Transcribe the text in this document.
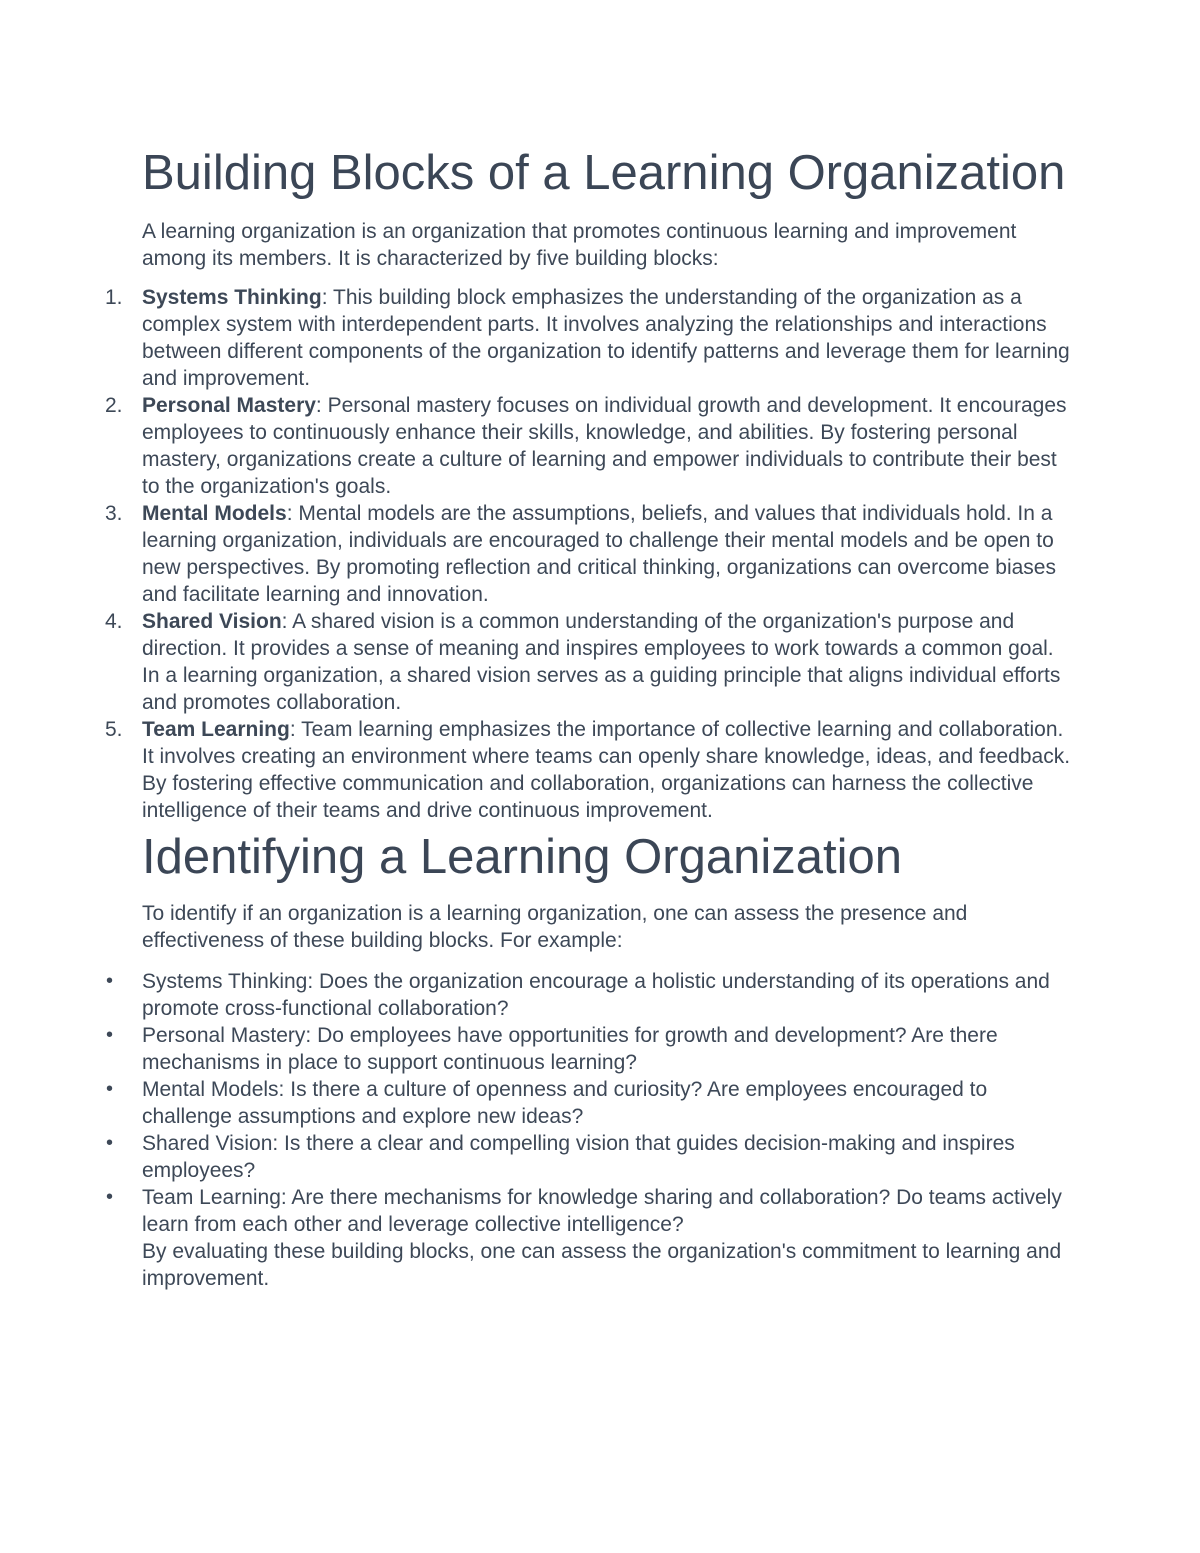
Building Blocks of a Learning Organization

A learning organization is an organization that promotes continuous learning and improvement among its members. It is characterized by five building blocks:

1. Systems Thinking: This building block emphasizes the understanding of the organization as a complex system with interdependent parts. It involves analyzing the relationships and interactions between different components of the organization to identify patterns and leverage them for learning and improvement.
2. Personal Mastery: Personal mastery focuses on individual growth and development. It encourages employees to continuously enhance their skills, knowledge, and abilities. By fostering personal mastery, organizations create a culture of learning and empower individuals to contribute their best to the organization's goals.
3. Mental Models: Mental models are the assumptions, beliefs, and values that individuals hold. In a learning organization, individuals are encouraged to challenge their mental models and be open to new perspectives. By promoting reflection and critical thinking, organizations can overcome biases and facilitate learning and innovation.
4. Shared Vision: A shared vision is a common understanding of the organization's purpose and direction. It provides a sense of meaning and inspires employees to work towards a common goal. In a learning organization, a shared vision serves as a guiding principle that aligns individual efforts and promotes collaboration.
5. Team Learning: Team learning emphasizes the importance of collective learning and collaboration. It involves creating an environment where teams can openly share knowledge, ideas, and feedback. By fostering effective communication and collaboration, organizations can harness the collective intelligence of their teams and drive continuous improvement.
Identifying a Learning Organization

To identify if an organization is a learning organization, one can assess the presence and effectiveness of these building blocks. For example:

• Systems Thinking: Does the organization encourage a holistic understanding of its operations and promote cross-functional collaboration?
• Personal Mastery: Do employees have opportunities for growth and development? Are there mechanisms in place to support continuous learning?
• Mental Models: Is there a culture of openness and curiosity? Are employees encouraged to challenge assumptions and explore new ideas?
• Shared Vision: Is there a clear and compelling vision that guides decision-making and inspires employees?
• Team Learning: Are there mechanisms for knowledge sharing and collaboration? Do teams actively learn from each other and leverage collective intelligence?
By evaluating these building blocks, one can assess the organization's commitment to learning and improvement.
